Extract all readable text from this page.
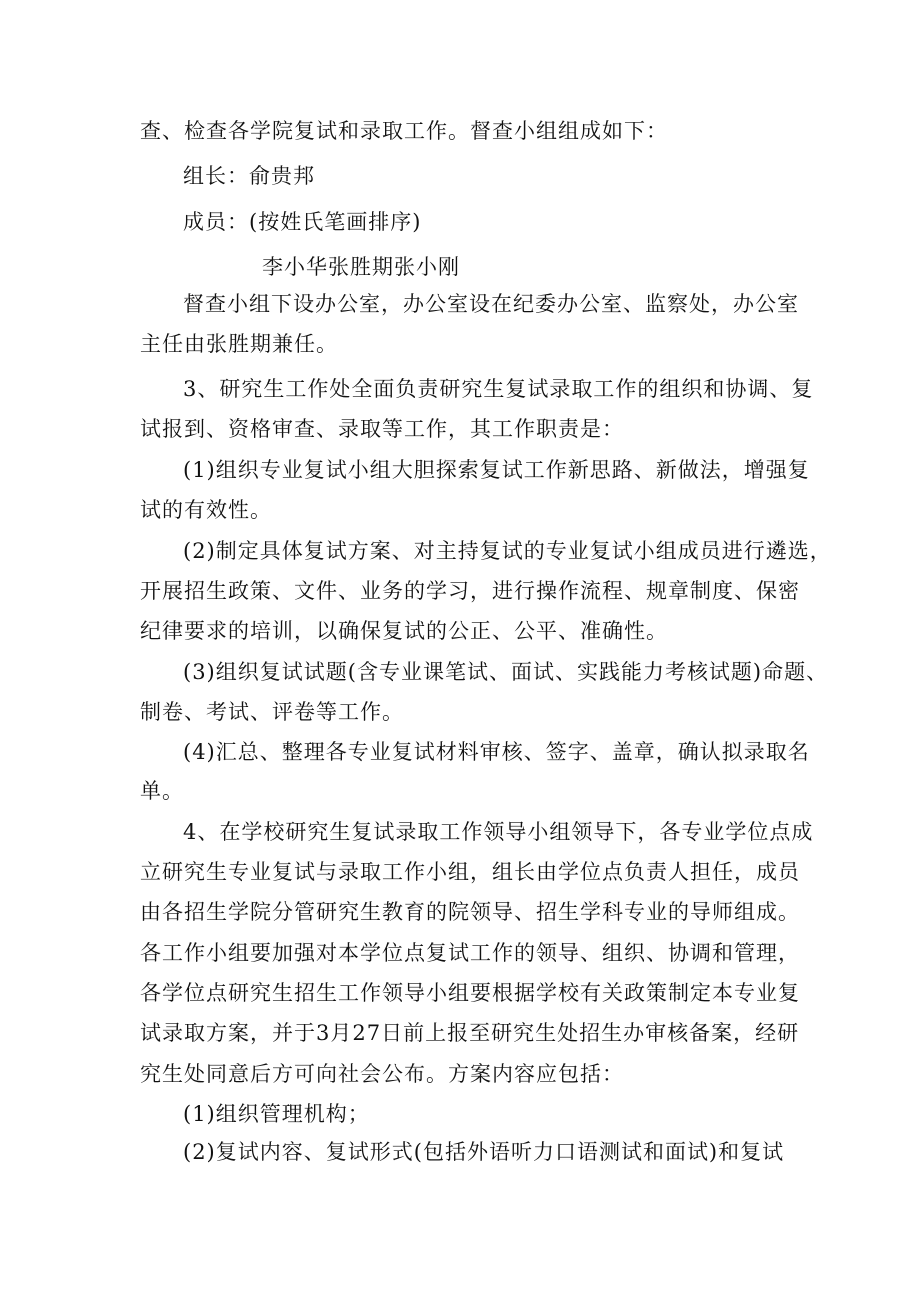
查、检查各学院复试和录取工作。督查小组组成如下：
组长：俞贵邦
成员：(按姓氏笔画排序)
李小华张胜期张小刚
督查小组下设办公室，办公室设在纪委办公室、监察处，办公室
主任由张胜期兼任。
3、研究生工作处全面负责研究生复试录取工作的组织和协调、复
试报到、资格审查、录取等工作，其工作职责是：
(1)组织专业复试小组大胆探索复试工作新思路、新做法，增强复
试的有效性。
(2)制定具体复试方案、对主持复试的专业复试小组成员进行遴选，
开展招生政策、文件、业务的学习，进行操作流程、规章制度、保密
纪律要求的培训，以确保复试的公正、公平、准确性。
(3)组织复试试题(含专业课笔试、面试、实践能力考核试题)命题、
制卷、考试、评卷等工作。
(4)汇总、整理各专业复试材料审核、签字、盖章，确认拟录取名
单。
4、在学校研究生复试录取工作领导小组领导下，各专业学位点成
立研究生专业复试与录取工作小组，组长由学位点负责人担任，成员
由各招生学院分管研究生教育的院领导、招生学科专业的导师组成。
各工作小组要加强对本学位点复试工作的领导、组织、协调和管理，
各学位点研究生招生工作领导小组要根据学校有关政策制定本专业复
试录取方案，并于3月27日前上报至研究生处招生办审核备案，经研
究生处同意后方可向社会公布。方案内容应包括：
(1)组织管理机构；
(2)复试内容、复试形式(包括外语听力口语测试和面试)和复试
